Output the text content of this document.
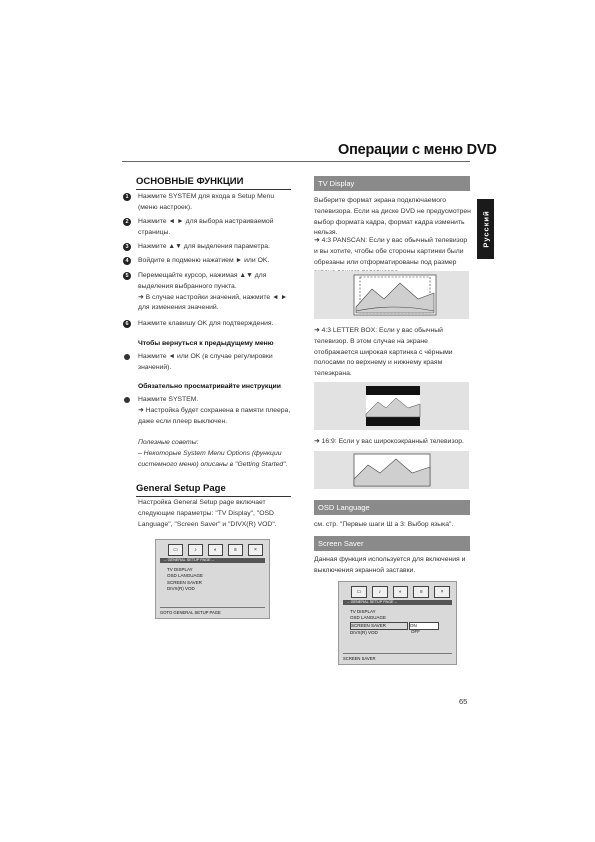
Операции с меню DVD
Русский
ОСНОВНЫЕ ФУНКЦИИ
1	Нажмите SYSTEM для входа в Setup Menu (меню настроек).
2	Нажмите ◄ ► для выбора настраиваемой страницы.
3	Нажмите ▲▼ для выделения параметра.
4	Войдите в подменю нажатием ► или OK.
5	Перемещайте курсор, нажимая ▲▼ для выделения выбранного пункта.
➜ В случае настройки значений, нажмите ◄ ► для изменения значений.
6	Нажмите клавишу OK для подтверждения.
Чтобы вернуться к предыдущему меню
Нажмите ◄ или OK (в случае регулировки значений).
Обязательно просматривайте инструкции
Нажмите SYSTEM.
➜ Настройка будет сохранена в памяти плеера, даже если плеер выключен.
Полезные советы:
– Некоторые System Menu Options (функции системного меню) описаны в "Getting Started".
General Setup Page
Настройка General Setup page включает следующие параметры: "TV Display", "OSD Language", "Screen Saver" и "DIVX(R) VOD".
▭	♪	◐	≡	×
-- GENERAL SETUP PAGE --
TV DISPLAY
OSD LANGUAGE
SCREEN SAVER
DIVX(R) VOD
GOTO GENERAL SETUP PAGE
TV Display
Выберите формат экрана подключаемого телевизора. Если на диске DVD не предусмотрен выбор формата кадра, формат кадра изменить нельзя.
➜ 4:3 PANSCAN: Если у вас обычный телевизор и вы хотите, чтобы обе стороны картинки были обрезаны или отформатированы под размер
➜ 4:3 LETTER BOX: Если у вас обычный телевизор. В этом случае на экране отображается широкая картинка с чёрными полосами по верхнему и нижнему краям телеэкрана.
➜ 16:9: Если у вас широкоэкранный телевизор.
OSD Language
см. стр. "Первые шаги Ш а 3: Выбор языка".
Screen Saver
Данная функция используется для включения и выключения экранной заставки.
▭	♪	◐	≡	×
-- GENERAL SETUP PAGE --
TV DISPLAY
OSD LANGUAGE
SCREEN SAVER
DIVX(R) VOD
ON
OFF
SCREEN SAVER
65
